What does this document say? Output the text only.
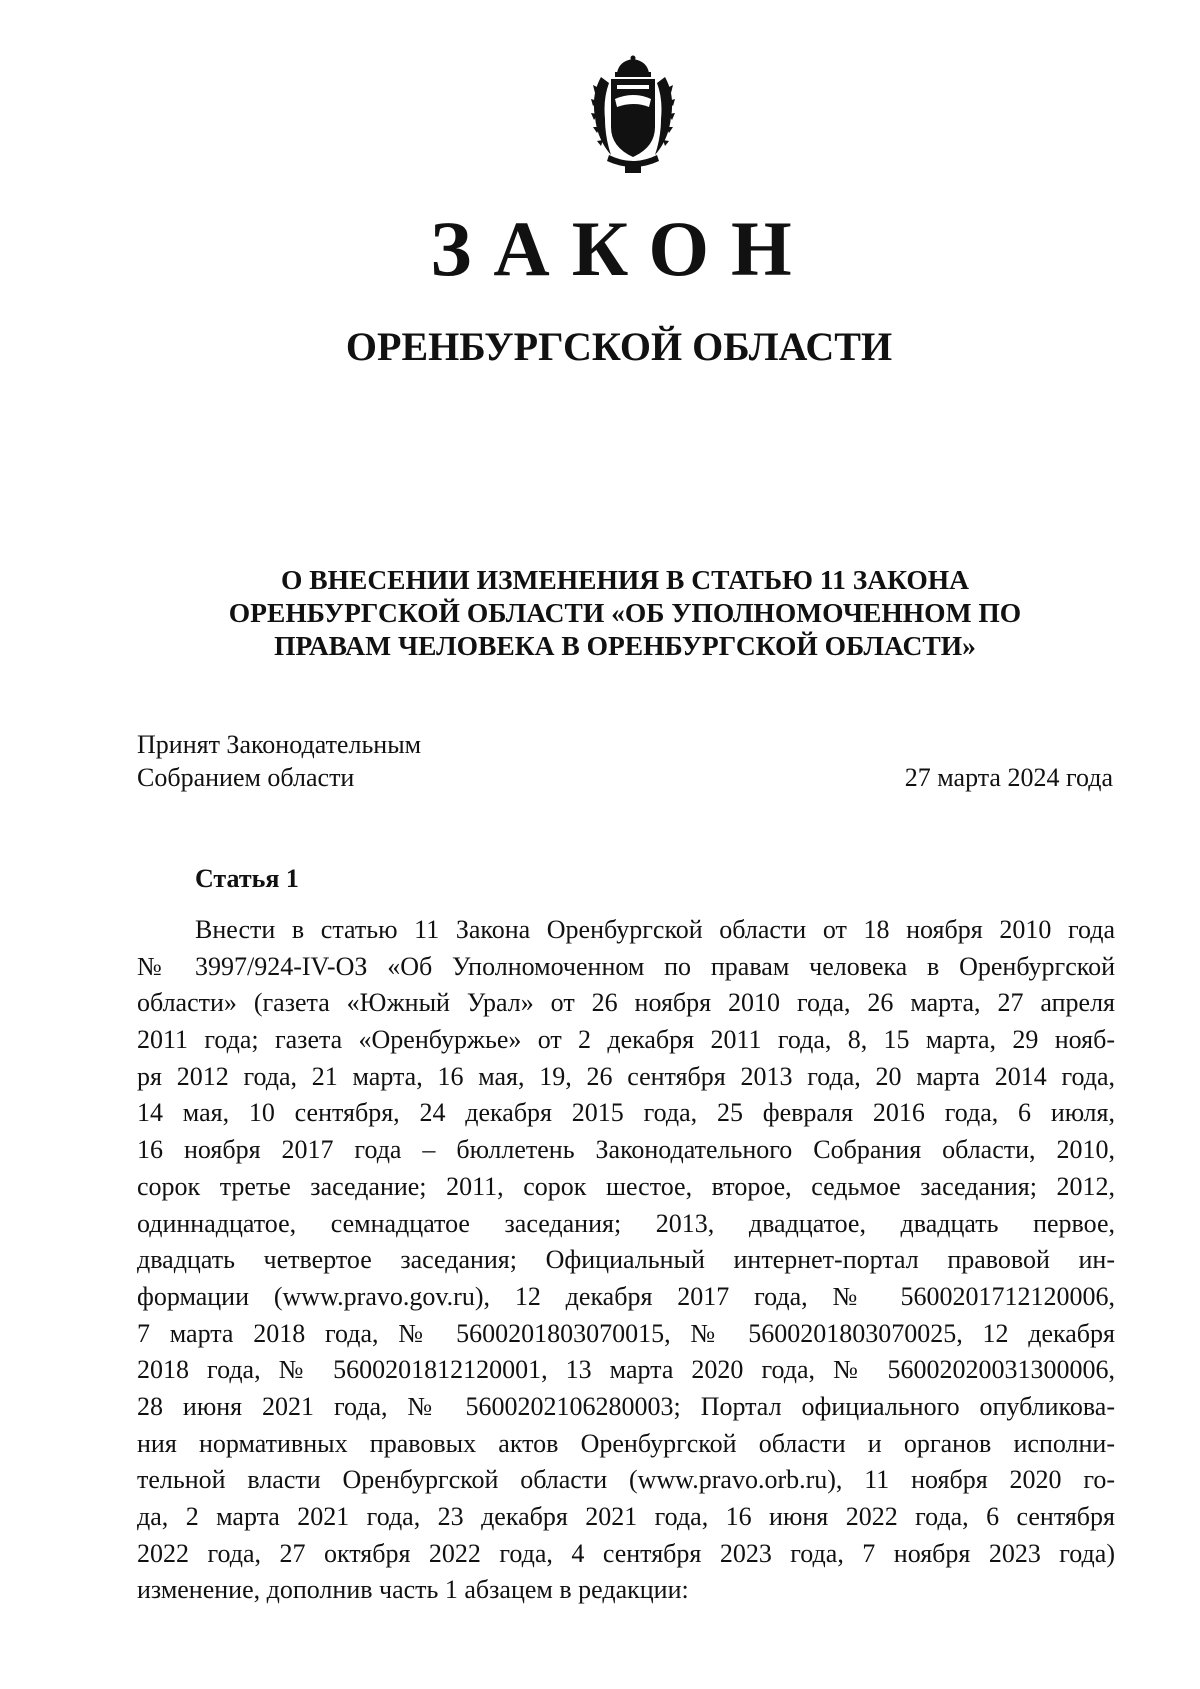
ЗАКОН
ОРЕНБУРГСКОЙ ОБЛАСТИ
О ВНЕСЕНИИ ИЗМЕНЕНИЯ В СТАТЬЮ 11 ЗАКОНА
ОРЕНБУРГСКОЙ ОБЛАСТИ «ОБ УПОЛНОМОЧЕННОМ ПО
ПРАВАМ ЧЕЛОВЕКА В ОРЕНБУРГСКОЙ ОБЛАСТИ»
Принят Законодательным
Собранием области	27 марта 2024 года
Статья 1
Внести в статью 11 Закона Оренбургской области от 18 ноября 2010 года
№ 3997/924-IV-ОЗ «Об Уполномоченном по правам человека в Оренбургской
области» (газета «Южный Урал» от 26 ноября 2010 года, 26 марта, 27 апреля
2011 года; газета «Оренбуржье» от 2 декабря 2011 года, 8, 15 марта, 29 нояб-
ря 2012 года, 21 марта, 16 мая, 19, 26 сентября 2013 года, 20 марта 2014 года,
14 мая, 10 сентября, 24 декабря 2015 года, 25 февраля 2016 года, 6 июля,
16 ноября 2017 года – бюллетень Законодательного Собрания области, 2010,
сорок третье заседание; 2011, сорок шестое, второе, седьмое заседания; 2012,
одиннадцатое, семнадцатое заседания; 2013, двадцатое, двадцать первое,
двадцать четвертое заседания; Официальный интернет-портал правовой ин-
формации (www.pravo.gov.ru), 12 декабря 2017 года, № 5600201712120006,
7 марта 2018 года, № 5600201803070015, № 5600201803070025, 12 декабря
2018 года, № 5600201812120001, 13 марта 2020 года, № 56002020031300006,
28 июня 2021 года, № 5600202106280003; Портал официального опубликова-
ния нормативных правовых актов Оренбургской области и органов исполни-
тельной власти Оренбургской области (www.pravo.orb.ru), 11 ноября 2020 го-
да, 2 марта 2021 года, 23 декабря 2021 года, 16 июня 2022 года, 6 сентября
2022 года, 27 октября 2022 года, 4 сентября 2023 года, 7 ноября 2023 года)
изменение, дополнив часть 1 абзацем в редакции:
